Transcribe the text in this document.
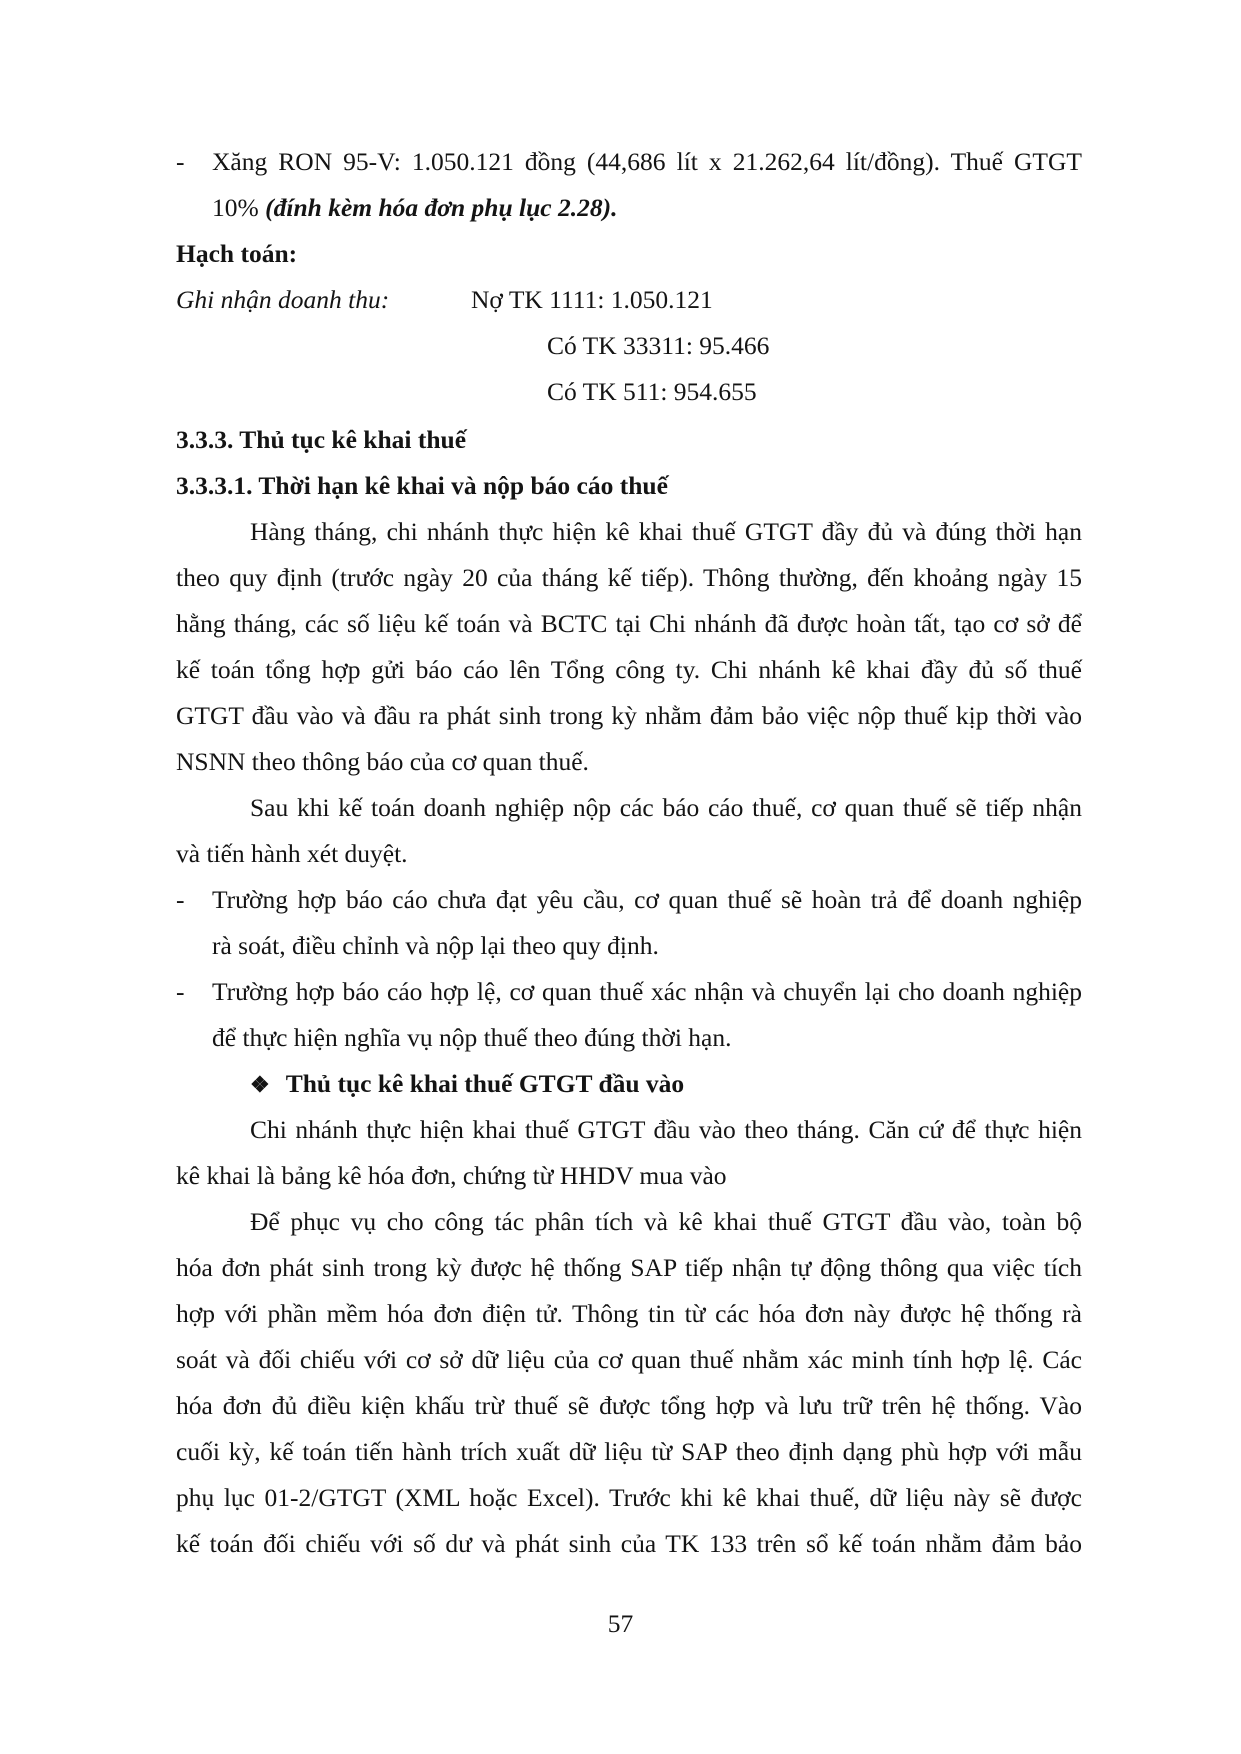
- Xăng RON 95-V: 1.050.121 đồng (44,686 lít x 21.262,64 lít/đồng). Thuế GTGT
10% (đính kèm hóa đơn phụ lục 2.28).
Hạch toán:
Ghi nhận doanh thu:	Nợ TK 1111: 1.050.121
Có TK 33311: 95.466
Có TK 511: 954.655
3.3.3. Thủ tục kê khai thuế
3.3.3.1. Thời hạn kê khai và nộp báo cáo thuế
Hàng tháng, chi nhánh thực hiện kê khai thuế GTGT đầy đủ và đúng thời hạn
theo quy định (trước ngày 20 của tháng kế tiếp). Thông thường, đến khoảng ngày 15
hằng tháng, các số liệu kế toán và BCTC tại Chi nhánh đã được hoàn tất, tạo cơ sở để
kế toán tổng hợp gửi báo cáo lên Tổng công ty. Chi nhánh kê khai đầy đủ số thuế
GTGT đầu vào và đầu ra phát sinh trong kỳ nhằm đảm bảo việc nộp thuế kịp thời vào
NSNN theo thông báo của cơ quan thuế.
Sau khi kế toán doanh nghiệp nộp các báo cáo thuế, cơ quan thuế sẽ tiếp nhận
và tiến hành xét duyệt.
- Trường hợp báo cáo chưa đạt yêu cầu, cơ quan thuế sẽ hoàn trả để doanh nghiệp
rà soát, điều chỉnh và nộp lại theo quy định.
- Trường hợp báo cáo hợp lệ, cơ quan thuế xác nhận và chuyển lại cho doanh nghiệp
để thực hiện nghĩa vụ nộp thuế theo đúng thời hạn.
❖ Thủ tục kê khai thuế GTGT đầu vào
Chi nhánh thực hiện khai thuế GTGT đầu vào theo tháng. Căn cứ để thực hiện
kê khai là bảng kê hóa đơn, chứng từ HHDV mua vào
Để phục vụ cho công tác phân tích và kê khai thuế GTGT đầu vào, toàn bộ
hóa đơn phát sinh trong kỳ được hệ thống SAP tiếp nhận tự động thông qua việc tích
hợp với phần mềm hóa đơn điện tử. Thông tin từ các hóa đơn này được hệ thống rà
soát và đối chiếu với cơ sở dữ liệu của cơ quan thuế nhằm xác minh tính hợp lệ. Các
hóa đơn đủ điều kiện khấu trừ thuế sẽ được tổng hợp và lưu trữ trên hệ thống. Vào
cuối kỳ, kế toán tiến hành trích xuất dữ liệu từ SAP theo định dạng phù hợp với mẫu
phụ lục 01-2/GTGT (XML hoặc Excel). Trước khi kê khai thuế, dữ liệu này sẽ được
kế toán đối chiếu với số dư và phát sinh của TK 133 trên sổ kế toán nhằm đảm bảo
57
